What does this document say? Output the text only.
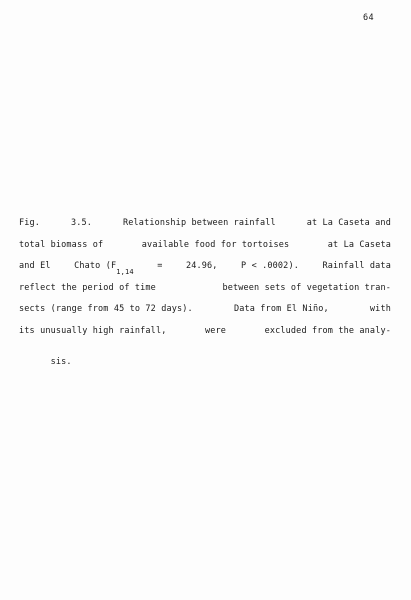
64
Fig.	3.5.	Relationship between rainfall	at La Caseta and
total biomass of	available food for tortoises	at La Caseta
and El	Chato ($F_{1,14}$
=	24.96,	P < .0002).	Rainfall data
reflect the period of time	between sets of vegetation tran-
sects (range from 45 to 72 days).	Data from El Niño,	with
its unusually high rainfall,	were	excluded from the analy-

sis.
